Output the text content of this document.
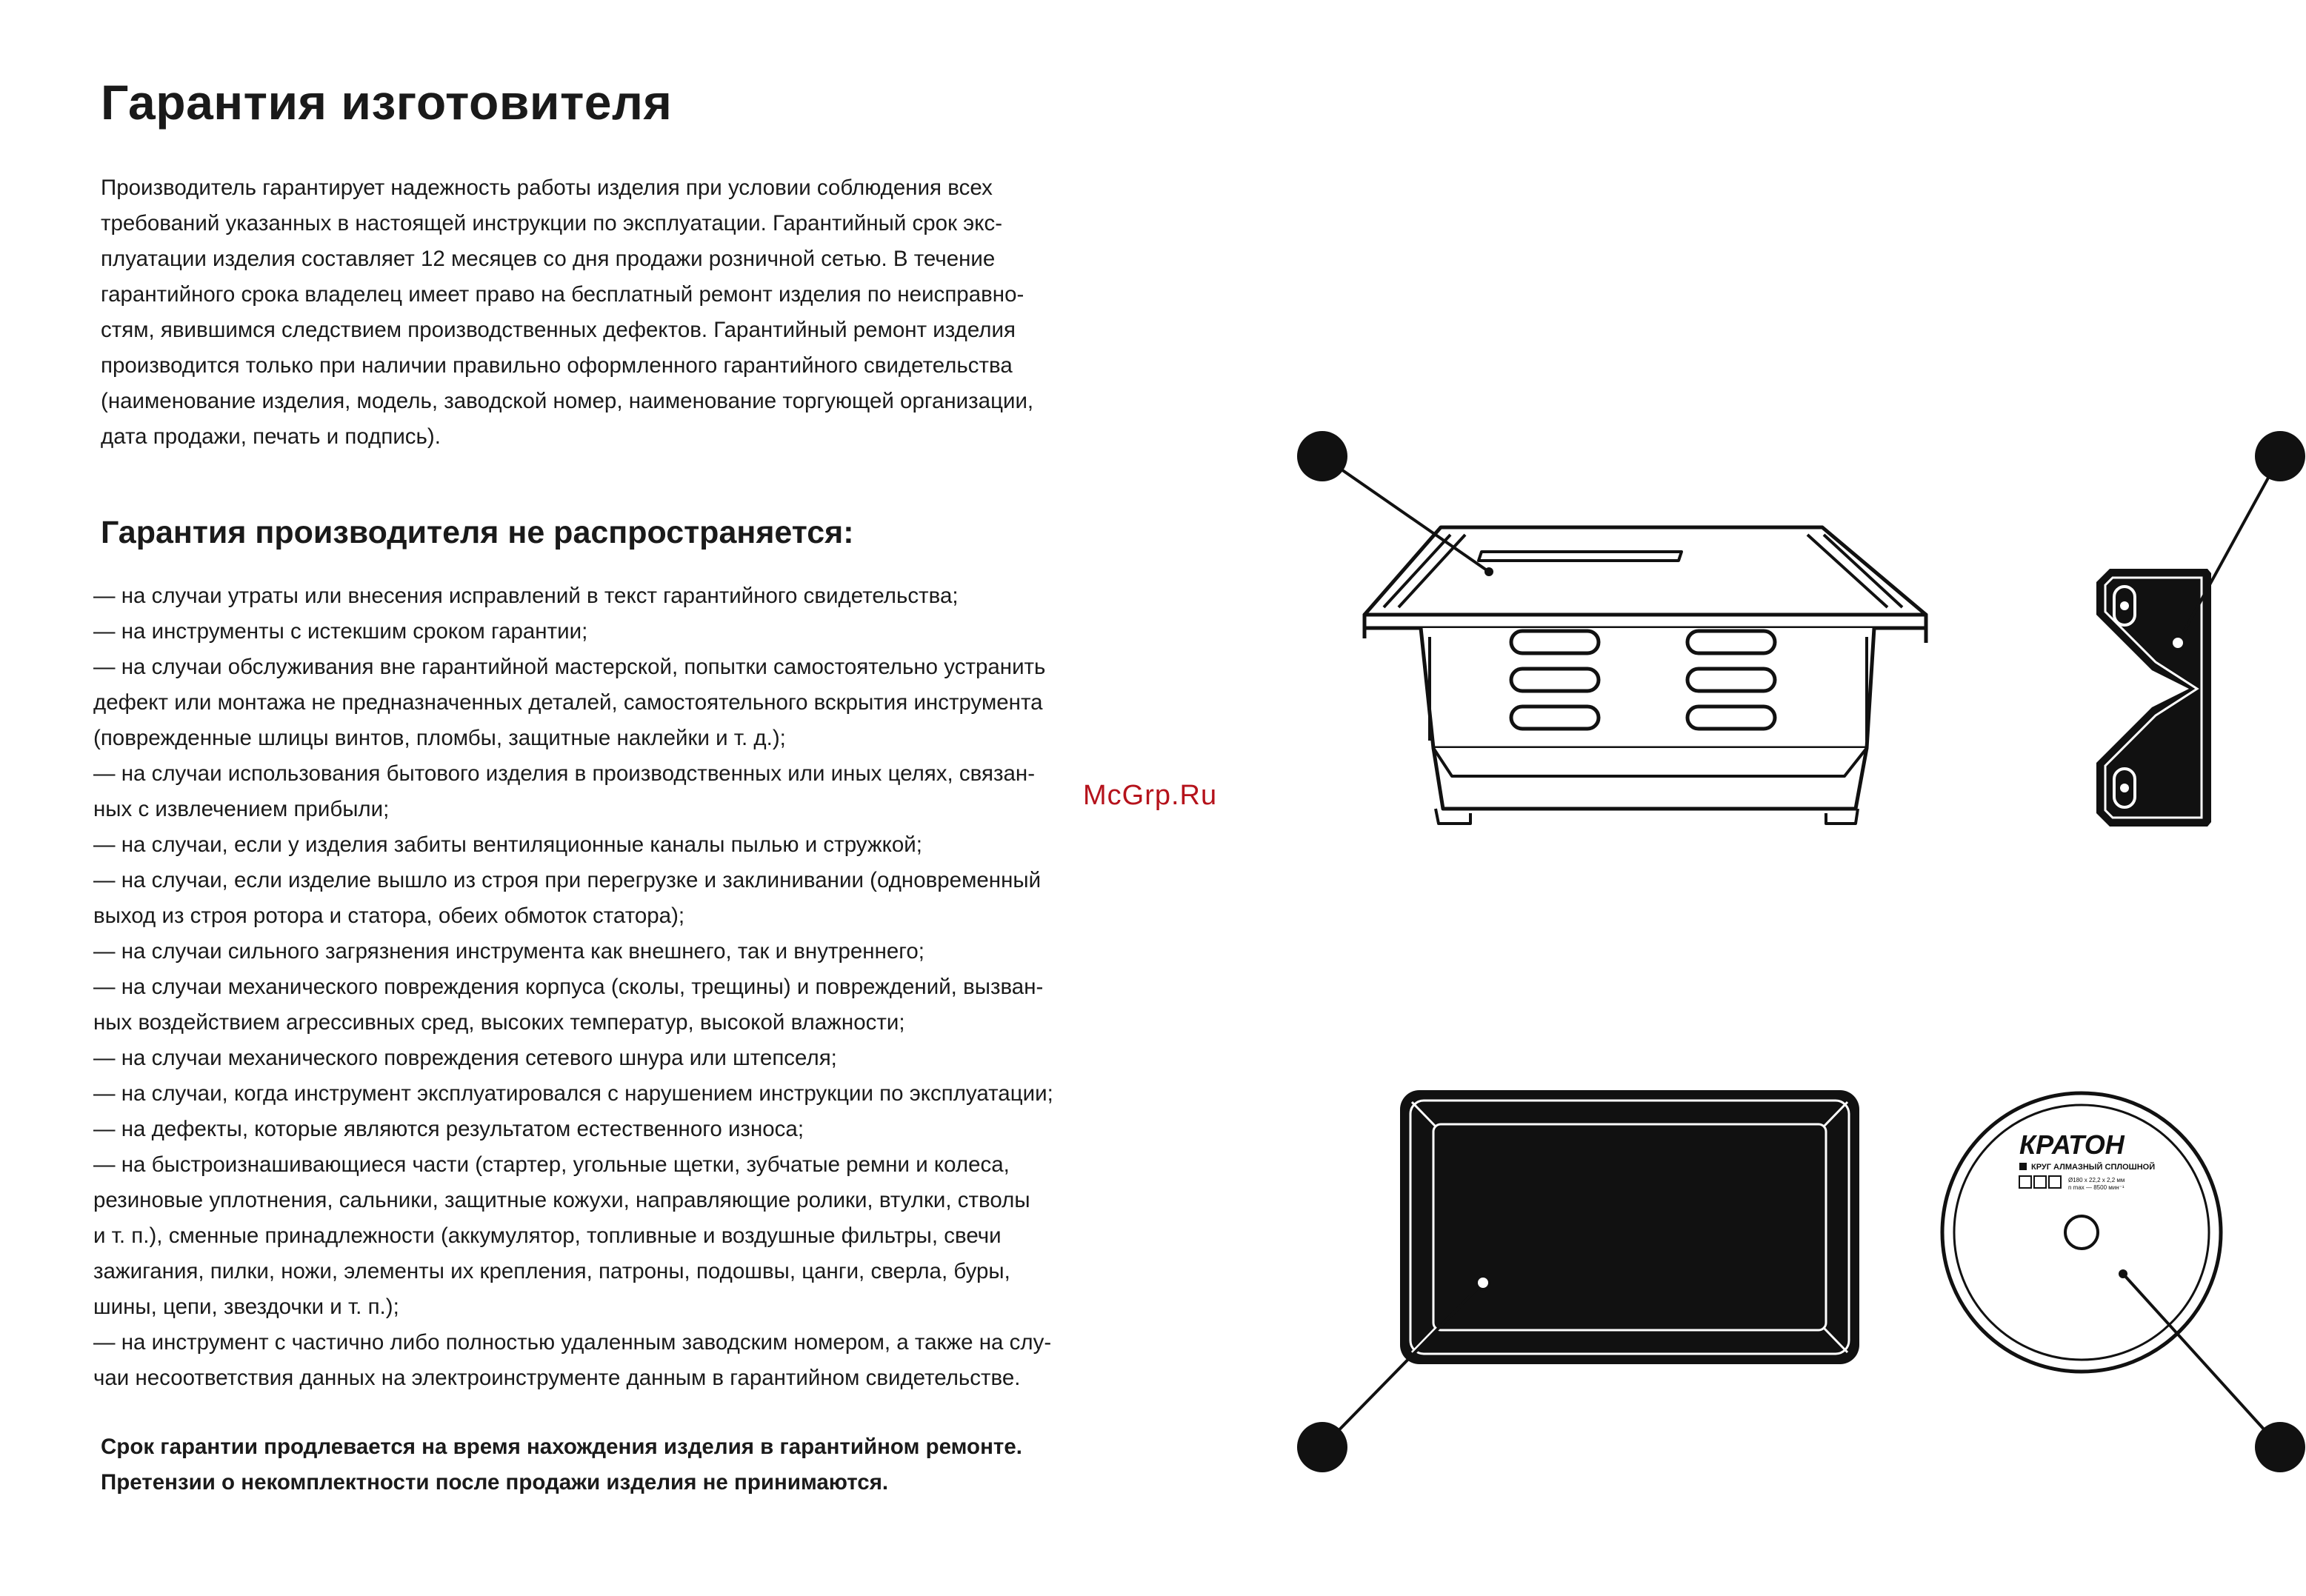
Гарантия изготовителя
Производитель гарантирует надежность работы изделия при условии соблюдения всех
требований указанных в настоящей инструкции по эксплуатации. Гарантийный срок экс-
плуатации изделия составляет 12 месяцев со дня продажи розничной сетью. В течение
гарантийного срока владелец имеет право на бесплатный ремонт изделия по неисправно-
стям, явившимся следствием производственных дефектов. Гарантийный ремонт изделия
производится только при наличии правильно оформленного гарантийного свидетельства
(наименование изделия, модель, заводской номер, наименование торгующей организации,
дата продажи, печать и подпись).
Гарантия производителя не распространяется:
— на случаи утраты или внесения исправлений в текст гарантийного свидетельства;
— на инструменты с истекшим сроком гарантии;
— на случаи обслуживания вне гарантийной мастерской, попытки самостоятельно устранить
дефект или монтажа не предназначенных деталей, самостоятельного вскрытия инструмента
(поврежденные шлицы винтов, пломбы, защитные наклейки и т. д.);
— на случаи использования бытового изделия в производственных или иных целях, связан-
ных с извлечением прибыли;
— на случаи, если у изделия забиты вентиляционные каналы пылью и стружкой;
— на случаи, если изделие вышло из строя при перегрузке и заклинивании (одновременный
выход из строя ротора и статора, обеих обмоток статора);
— на случаи сильного загрязнения инструмента как внешнего, так и внутреннего;
— на случаи механического повреждения корпуса (сколы, трещины) и повреждений, вызван-
ных воздействием агрессивных сред, высоких температур, высокой влажности;
— на случаи механического повреждения сетевого шнура или штепселя;
— на случаи, когда инструмент эксплуатировался с нарушением инструкции по эксплуатации;
— на дефекты, которые являются результатом естественного износа;
— на быстроизнашивающиеся части (стартер, угольные щетки, зубчатые ремни и колеса,
резиновые уплотнения, сальники, защитные кожухи, направляющие ролики, втулки, стволы
и т. п.), сменные принадлежности (аккумулятор, топливные и воздушные фильтры, свечи
зажигания, пилки, ножи, элементы их крепления, патроны, подошвы, цанги, сверла, буры,
шины, цепи, звездочки и т. п.);
— на инструмент с частично либо полностью удаленным заводским номером, а также на слу-
чаи несоответствия данных на электроинструменте данным в гарантийном свидетельстве.
Срок гарантии продлевается на время нахождения изделия в гарантийном ремонте.
Претензии о некомплектности после продажи изделия не принимаются.
McGrp.Ru
КРАТОН
КРУГ АЛМАЗНЫЙ СПЛОШНОЙ
Ø180 x 22,2 x 2,2 мм
n max — 8500 мин⁻¹
